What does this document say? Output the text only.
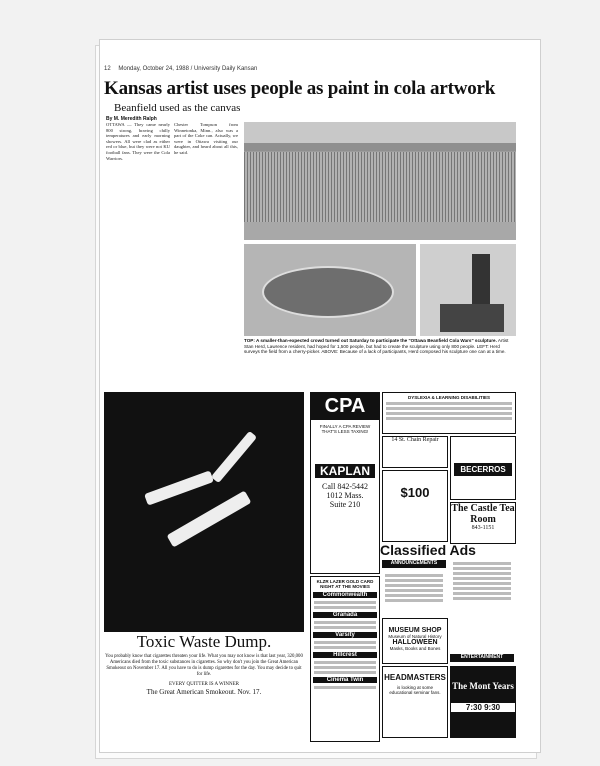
12 Monday, October 24, 1988 / University Daily Kansan
Kansas artist uses people as paint in cola artwork
Beanfield used as the canvas
By M. Meredith Ralph
OTTAWA — They came nearly 800 strong, braving chilly temperatures and early morning showers. All were clad as either red or blue, but they were not KU football fans. They were the Cola Warriors.
Chester Tompson from Winnetonka, Minn., also was a part of the Coke can. Actually, we were in Ottawa visiting our daughter, and heard about all this, he said.
TOP: A smaller-than-expected crowd turned out Saturday to participate the "Ottawa Beanfield Cola Wars" sculpture. Artist Stan Herd, Lawrence resident, had hoped for 1,500 people, but had to create the sculpture using only 800 people. LEFT: Herd surveys the field from a cherry-picker. ABOVE: Because of a lack of participants, Herd composed his sculpture one can at a time.
Toxic Waste Dump.
You probably know that cigarettes threaten your life. What you may not know is that last year, 320,000 Americans died from the toxic substances in cigarettes. So why don't you join the Great American Smokeout on November 17. All you have to do is dump cigarettes for the day. You may decide to quit for life.
EVERY QUITTER IS A WINNER
The Great American Smokeout. Nov. 17.
CPA
FINALLY A CPA REVIEW THAT'S LESS TAXING!
KAPLAN
Call 842-5442
1012 Mass.
Suite 210
KLZR LAZER GOLD CARD NIGHT AT THE MOVIES
Commonwealth
Granada
Varsity
Hillcrest
Cinema Twin
DYSLEXIA & LEARNING DISABILITIES
14 St. Chain Repair
BECERROS
$100
The Castle Tea Room
843-1151
Classified Ads
ANNOUNCEMENTS
MUSEUM SHOP
Museum of Natural History
HALLOWEEN
Masks, Books and Bones
HEADMASTERS
is looking at some educational seminar fans.
ENTERTAINMENT
The Mont Years
7:30 9:30
